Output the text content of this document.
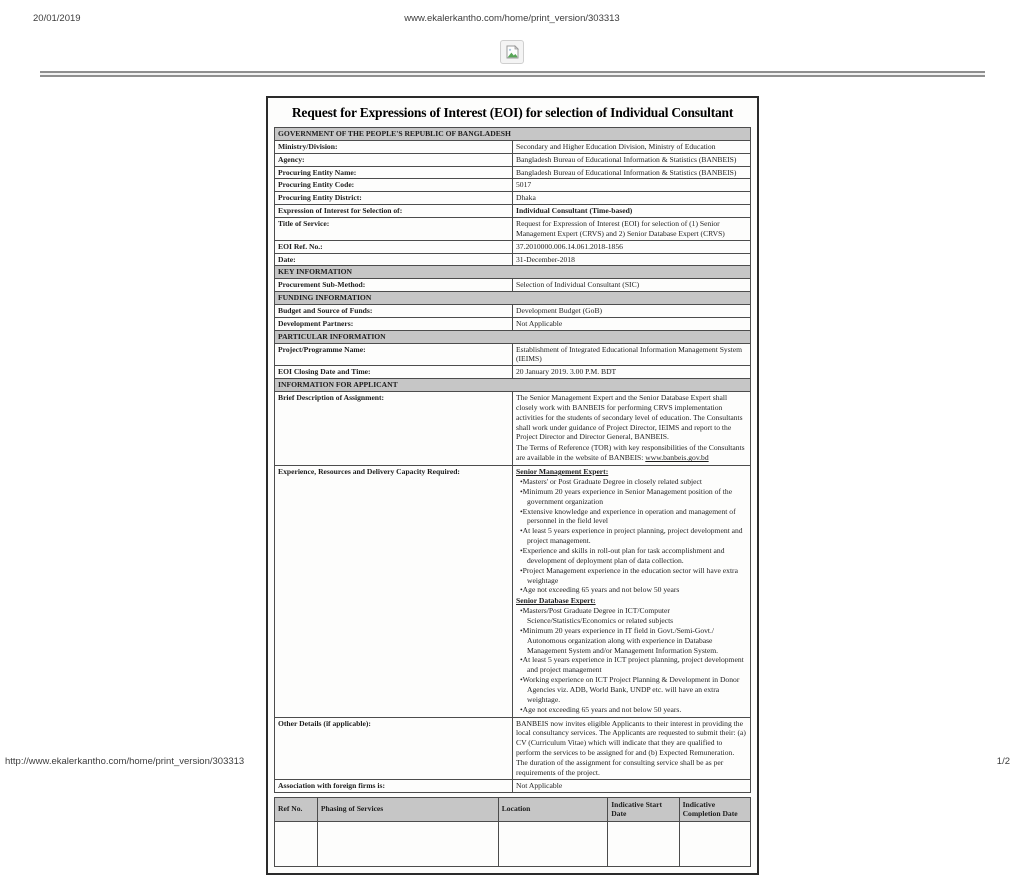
20/01/2019	www.ekalerkantho.com/home/print_version/303313
Request for Expressions of Interest (EOI) for selection of Individual Consultant
GOVERNMENT OF THE PEOPLE'S REPUBLIC OF BANGLADESH	
Ministry/Division:	Secondary and Higher Education Division, Ministry of Education
Agency:	Bangladesh Bureau of Educational Information & Statistics (BANBEIS)
Procuring Entity Name:	Bangladesh Bureau of Educational Information & Statistics (BANBEIS)
Procuring Entity Code:	5017
Procuring Entity District:	Dhaka
Expression of Interest for Selection of:	Individual Consultant (Time-based)
Title of Service:	Request for Expression of Interest (EOI) for selection of (1) Senior Management Expert (CRVS) and 2) Senior Database Expert (CRVS)
EOI Ref. No.:	37.2010000.006.14.061.2018-1856
Date:	31-December-2018
KEY INFORMATION	
Procurement Sub-Method:	Selection of Individual Consultant (SIC)
FUNDING INFORMATION	
Budget and Source of Funds:	Development Budget (GoB)
Development Partners:	Not Applicable
PARTICULAR INFORMATION	
Project/Programme Name:	Establishment of Integrated Educational Information Management System (IEIMS)
EOI Closing Date and Time:	20 January 2019. 3.00 P.M. BDT
INFORMATION FOR APPLICANT	
Brief Description of Assignment:	The Senior Management Expert and the Senior Database Expert shall closely work with BANBEIS for performing CRVS implementation activities for the students of secondary level of education. The Consultants shall work under guidance of Project Director, IEIMS and report to the Project Director and Director General, BANBEIS.
The Terms of Reference (TOR) with key responsibilities of the Consultants are available in the website of BANBEIS: www.banbeis.gov.bd

Experience, Resources and Delivery Capacity Required:	Senior Management Expert:
• Masters' or Post Graduate Degree in closely related subject
• Minimum 20 years experience in Senior Management position of the government organization
• Extensive knowledge and experience in operation and management of personnel in the field level
• At least 5 years experience in project planning, project development and project management.
• Experience and skills in roll-out plan for task accomplishment and development of deployment plan of data collection.
• Project Management experience in the education sector will have extra weightage
• Age not exceeding 65 years and not below 50 years
Senior Database Expert:
• Masters/Post Graduate Degree in ICT/Computer Science/Statistics/Economics or related subjects
• Minimum 20 years experience in IT field in Govt./Semi-Govt./ Autonomous organization along with experience in Database Management System and/or Management Information System.
• At least 5 years experience in ICT project planning, project development and project management
• Working experience on ICT Project Planning & Development in Donor Agencies viz. ADB, World Bank, UNDP etc. will have an extra weightage.
• Age not exceeding 65 years and not below 50 years.

Other Details (if applicable):	BANBEIS now invites eligible Applicants to their interest in providing the local consultancy services. The Applicants are requested to submit their: (a) CV (Curriculum Vitae) which will indicate that they are qualified to perform the services to be assigned for and (b) Expected Remuneration. The duration of the assignment for consulting service shall be as per requirements of the project.
Association with foreign firms is:	Not Applicable
Ref No.	Phasing of Services	Location	Indicative Start Date	Indicative Completion Date

http://www.ekalerkantho.com/home/print_version/303313	1/2
